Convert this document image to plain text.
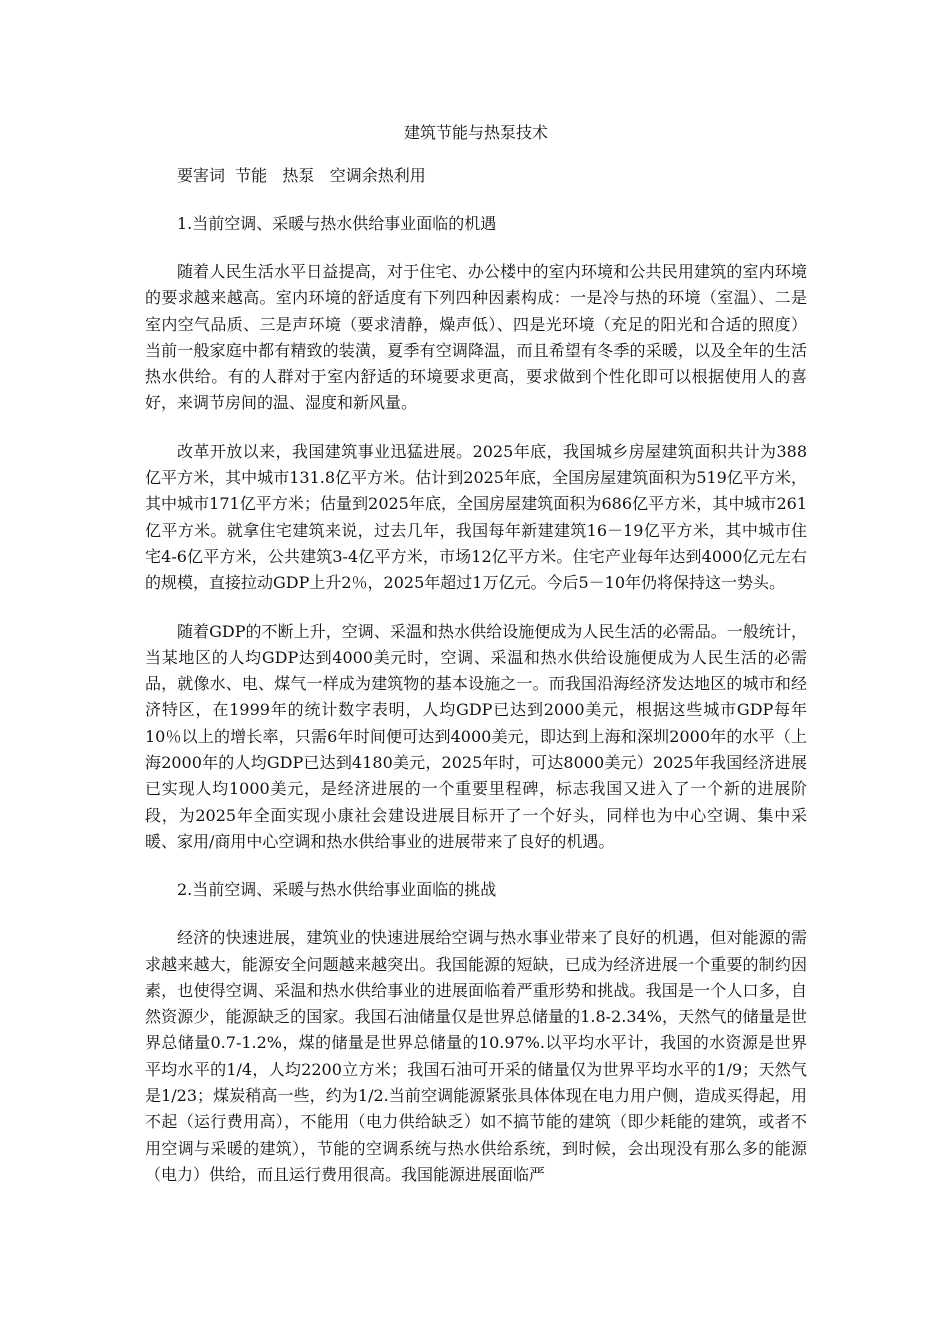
建筑节能与热泵技术
要害词  节能   热泵   空调余热利用
1.当前空调、采暖与热水供给事业面临的机遇

随着人民生活水平日益提高，对于住宅、办公楼中的室内环境和公共民用建筑的室内环境的要求越来越高。室内环境的舒适度有下列四种因素构成：一是冷与热的环境（室温）、二是室内空气品质、三是声环境（要求清静，燥声低）、四是光环境（充足的阳光和合适的照度）当前一般家庭中都有精致的装潢，夏季有空调降温，而且希望有冬季的采暖，以及全年的生活热水供给。有的人群对于室内舒适的环境要求更高，要求做到个性化即可以根据使用人的喜好，来调节房间的温、湿度和新风量。

改革开放以来，我国建筑事业迅猛进展。2025年底，我国城乡房屋建筑面积共计为388亿平方米，其中城市131.8亿平方米。估计到2025年底，全国房屋建筑面积为519亿平方米，其中城市171亿平方米；估量到2025年底，全国房屋建筑面积为686亿平方米，其中城市261亿平方米。就拿住宅建筑来说，过去几年，我国每年新建建筑16－19亿平方米，其中城市住宅4-6亿平方米，公共建筑3-4亿平方米，市场12亿平方米。住宅产业每年达到4000亿元左右的规模，直接拉动GDP上升2％，2025年超过1万亿元。今后5－10年仍将保持这一势头。

随着GDP的不断上升，空调、采温和热水供给设施便成为人民生活的必需品。一般统计，当某地区的人均GDP达到4000美元时，空调、采温和热水供给设施便成为人民生活的必需品，就像水、电、煤气一样成为建筑物的基本设施之一。而我国沿海经济发达地区的城市和经济特区，在1999年的统计数字表明，人均GDP已达到2000美元，根据这些城市GDP每年10％以上的增长率，只需6年时间便可达到4000美元，即达到上海和深圳2000年的水平（上海2000年的人均GDP已达到4180美元，2025年时，可达8000美元）2025年我国经济进展已实现人均1000美元，是经济进展的一个重要里程碑，标志我国又进入了一个新的进展阶段，为2025年全面实现小康社会建设进展目标开了一个好头，同样也为中心空调、集中采暖、家用/商用中心空调和热水供给事业的进展带来了良好的机遇。

2.当前空调、采暖与热水供给事业面临的挑战

经济的快速进展，建筑业的快速进展给空调与热水事业带来了良好的机遇，但对能源的需求越来越大，能源安全问题越来越突出。我国能源的短缺，已成为经济进展一个重要的制约因素，也使得空调、采温和热水供给事业的进展面临着严重形势和挑战。我国是一个人口多，自然资源少，能源缺乏的国家。我国石油储量仅是世界总储量的1.8-2.34%，天然气的储量是世界总储量0.7-1.2%，煤的储量是世界总储量的10.97%.以平均水平计，我国的水资源是世界平均水平的1/4，人均2200立方米；我国石油可开采的储量仅为世界平均水平的1/9；天然气是1/23；煤炭稍高一些，约为1/2.当前空调能源紧张具体体现在电力用户侧，造成买得起，用不起（运行费用高），不能用（电力供给缺乏）如不搞节能的建筑（即少耗能的建筑，或者不用空调与采暖的建筑），节能的空调系统与热水供给系统，到时候，会出现没有那么多的能源（电力）供给，而且运行费用很高。我国能源进展面临严
